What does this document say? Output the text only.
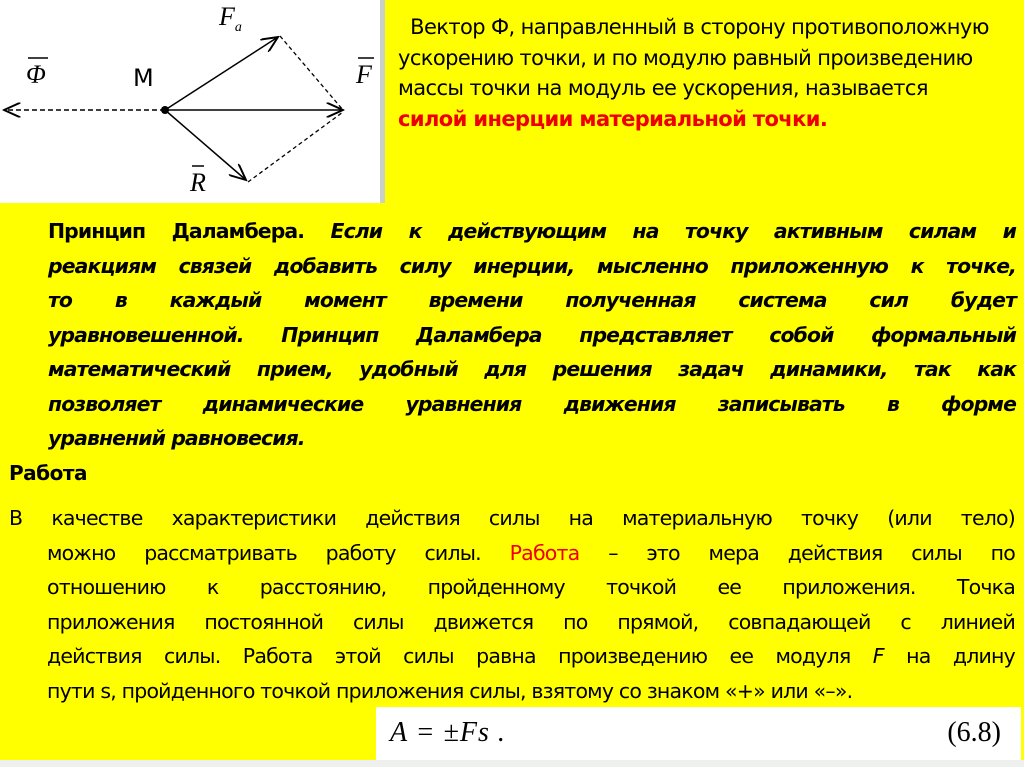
Φ	M	F
$F_a$
R
Вектор Ф, направленный в сторону противоположную ускорению точки, и по модулю равный произведению массы точки на модуль ее ускорения, называется силой инерции материальной точки.
Принцип Даламбера. Если к действующим на точку активным силам и
реакциям связей добавить силу инерции, мысленно приложенную к точке,
то в каждый момент времени полученная система сил будет
уравновешенной. Принцип Даламбера представляет собой формальный
математический прием, удобный для решения задач динамики, так как
позволяет динамические уравнения движения записывать в форме
уравнений равновесия.
Работа
В качестве характеристики действия силы на материальную точку (или тело)
можно рассматривать работу силы. Работа – это мера действия силы по
отношению к расстоянию, пройденному точкой ее приложения. Точка
приложения постоянной силы движется по прямой, совпадающей с линией
действия силы. Работа этой силы равна произведению ее модуля F на длину
пути s, пройденного точкой приложения силы, взятому со знаком «+» или «–».
A = ±Fs .	(6.8)
